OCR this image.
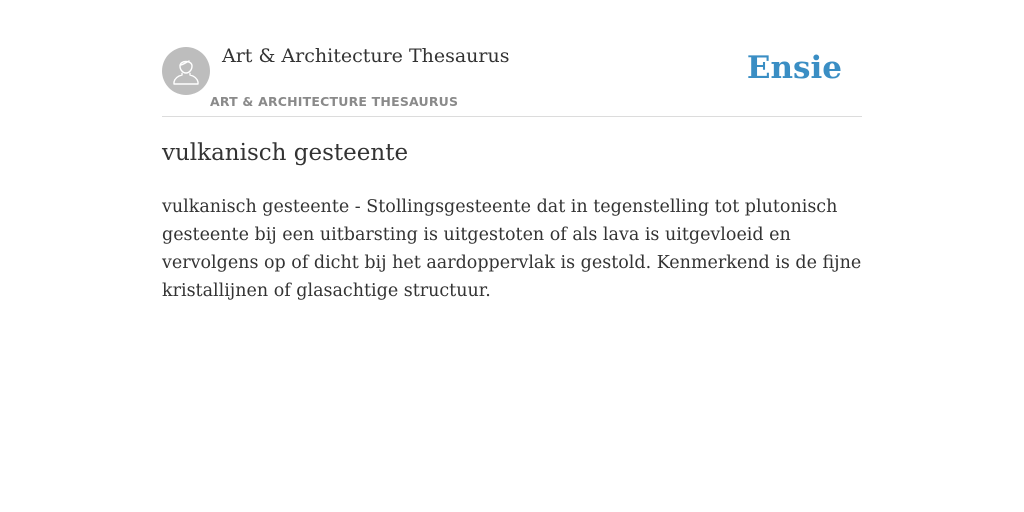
Art & Architecture Thesaurus
ART & ARCHITECTURE THESAURUS
Ensie
vulkanisch gesteente

vulkanisch gesteente - Stollingsgesteente dat in tegenstelling tot plutonisch gesteente bij een uitbarsting is uitgestoten of als lava is uitgevloeid en vervolgens op of dicht bij het aardoppervlak is gestold. Kenmerkend is de fijne kristallijnen of glasachtige structuur.
